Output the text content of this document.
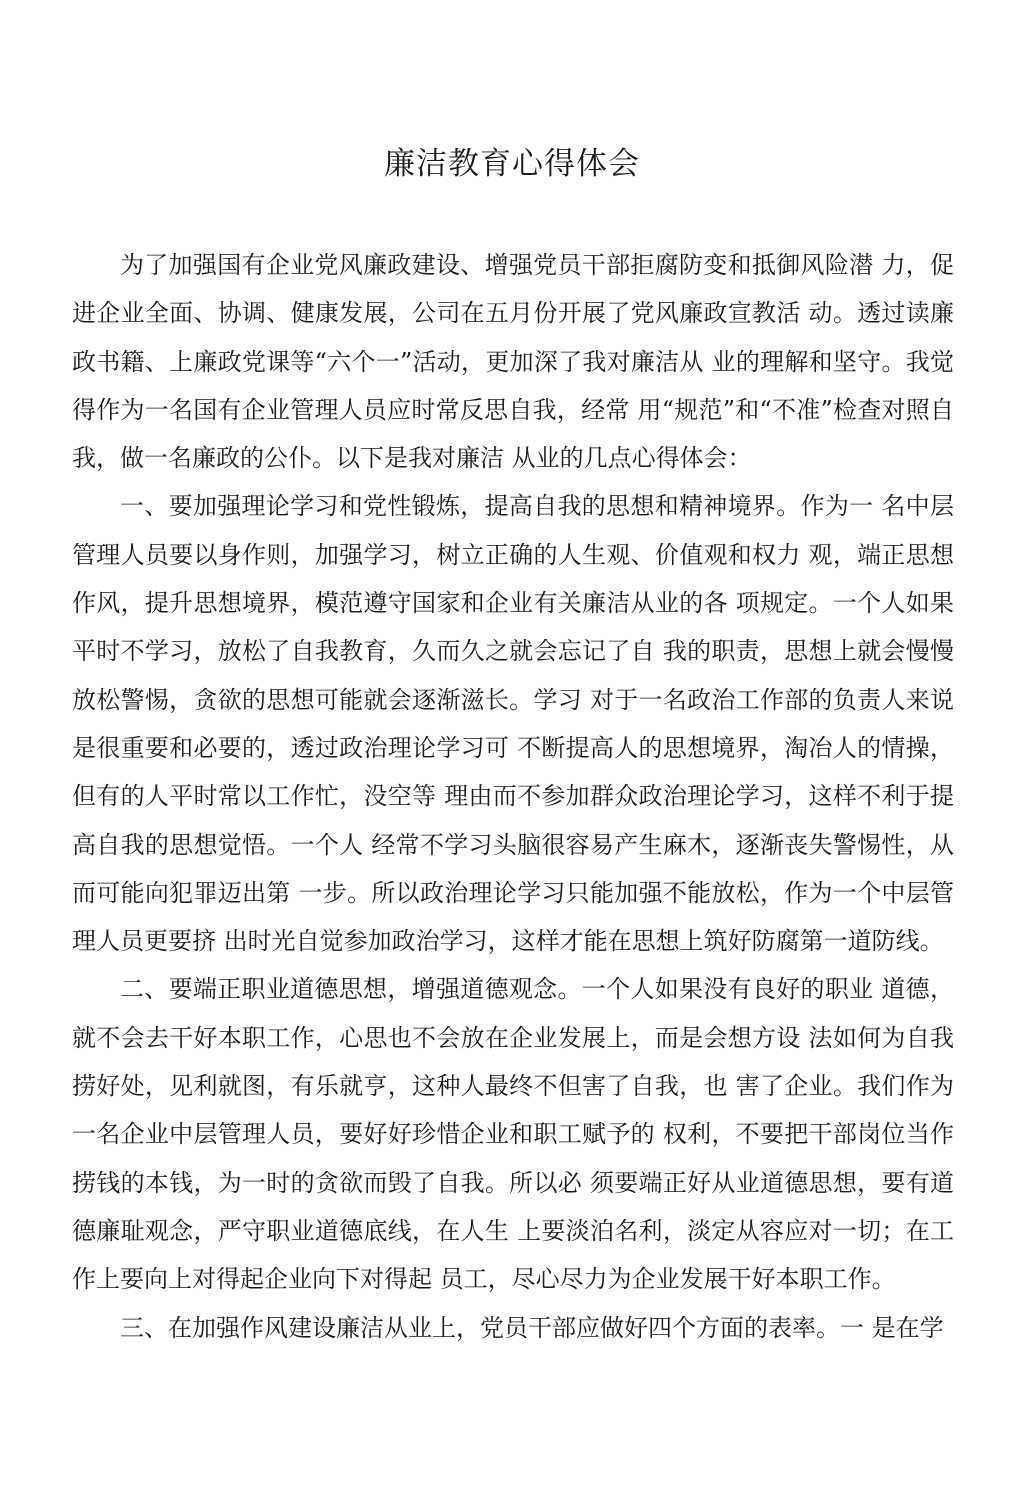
廉洁教育心得体会

为了加强国有企业党风廉政建设、增强党员干部拒腐防变和抵御风险潜 力，促进企业全面、协调、健康发展，公司在五月份开展了党风廉政宣教活 动。透过读廉政书籍、上廉政党课等“六个一”活动，更加深了我对廉洁从 业的理解和坚守。我觉得作为一名国有企业管理人员应时常反思自我，经常 用“规范”和“不准”检查对照自我，做一名廉政的公仆。以下是我对廉洁 从业的几点心得体会：

一、要加强理论学习和党性锻炼，提高自我的思想和精神境界。作为一 名中层管理人员要以身作则，加强学习，树立正确的人生观、价值观和权力 观，端正思想作风，提升思想境界，模范遵守国家和企业有关廉洁从业的各 项规定。一个人如果平时不学习，放松了自我教育，久而久之就会忘记了自 我的职责，思想上就会慢慢放松警惕，贪欲的思想可能就会逐渐滋长。学习 对于一名政治工作部的负责人来说是很重要和必要的，透过政治理论学习可 不断提高人的思想境界，淘冶人的情操，但有的人平时常以工作忙，没空等 理由而不参加群众政治理论学习，这样不利于提高自我的思想觉悟。一个人 经常不学习头脑很容易产生麻木，逐渐丧失警惕性，从而可能向犯罪迈出第 一步。所以政治理论学习只能加强不能放松，作为一个中层管理人员更要挤 出时光自觉参加政治学习，这样才能在思想上筑好防腐第一道防线。

二、要端正职业道德思想，增强道德观念。一个人如果没有良好的职业 道德，就不会去干好本职工作，心思也不会放在企业发展上，而是会想方设 法如何为自我捞好处，见利就图，有乐就亨，这种人最终不但害了自我，也 害了企业。我们作为一名企业中层管理人员，要好好珍惜企业和职工赋予的 权利，不要把干部岗位当作捞钱的本钱，为一时的贪欲而毁了自我。所以必 须要端正好从业道德思想，要有道德廉耻观念，严守职业道德底线，在人生 上要淡泊名利，淡定从容应对一切；在工作上要向上对得起企业向下对得起 员工，尽心尽力为企业发展干好本职工作。

三、在加强作风建设廉洁从业上，党员干部应做好四个方面的表率。一 是在学
